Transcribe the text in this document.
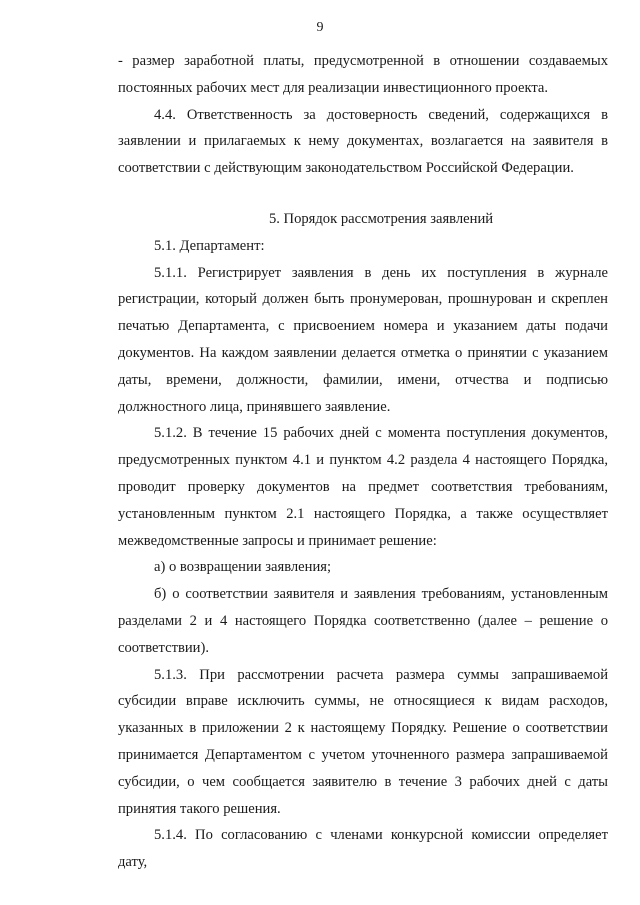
9

- размер заработной платы, предусмотренной в отношении создаваемых постоянных рабочих мест для реализации инвестиционного проекта.

4.4. Ответственность за достоверность сведений, содержащихся в заявлении и прилагаемых к нему документах, возлагается на заявителя в соответствии с действующим законодательством Российской Федерации.

5. Порядок рассмотрения заявлений

5.1. Департамент:

5.1.1. Регистрирует заявления в день их поступления в журнале регистрации, который должен быть пронумерован, прошнурован и скреплен печатью Департамента, с присвоением номера и указанием даты подачи документов. На каждом заявлении делается отметка о принятии с указанием даты, времени, должности, фамилии, имени, отчества и подписью должностного лица, принявшего заявление.

5.1.2. В течение 15 рабочих дней с момента поступления документов, предусмотренных пунктом 4.1 и пунктом 4.2 раздела 4 настоящего Порядка, проводит проверку документов на предмет соответствия требованиям, установленным пунктом 2.1 настоящего Порядка, а также осуществляет межведомственные запросы и принимает решение:

а) о возвращении заявления;

б) о соответствии заявителя и заявления требованиям, установленным разделами 2 и 4 настоящего Порядка соответственно (далее – решение о соответствии).

5.1.3. При рассмотрении расчета размера суммы запрашиваемой субсидии вправе исключить суммы, не относящиеся к видам расходов, указанных в приложении 2 к настоящему Порядку. Решение о соответствии принимается Департаментом с учетом уточненного размера запрашиваемой субсидии, о чем сообщается заявителю в течение 3 рабочих дней с даты принятия такого решения.

5.1.4. По согласованию с членами конкурсной комиссии определяет дату,
